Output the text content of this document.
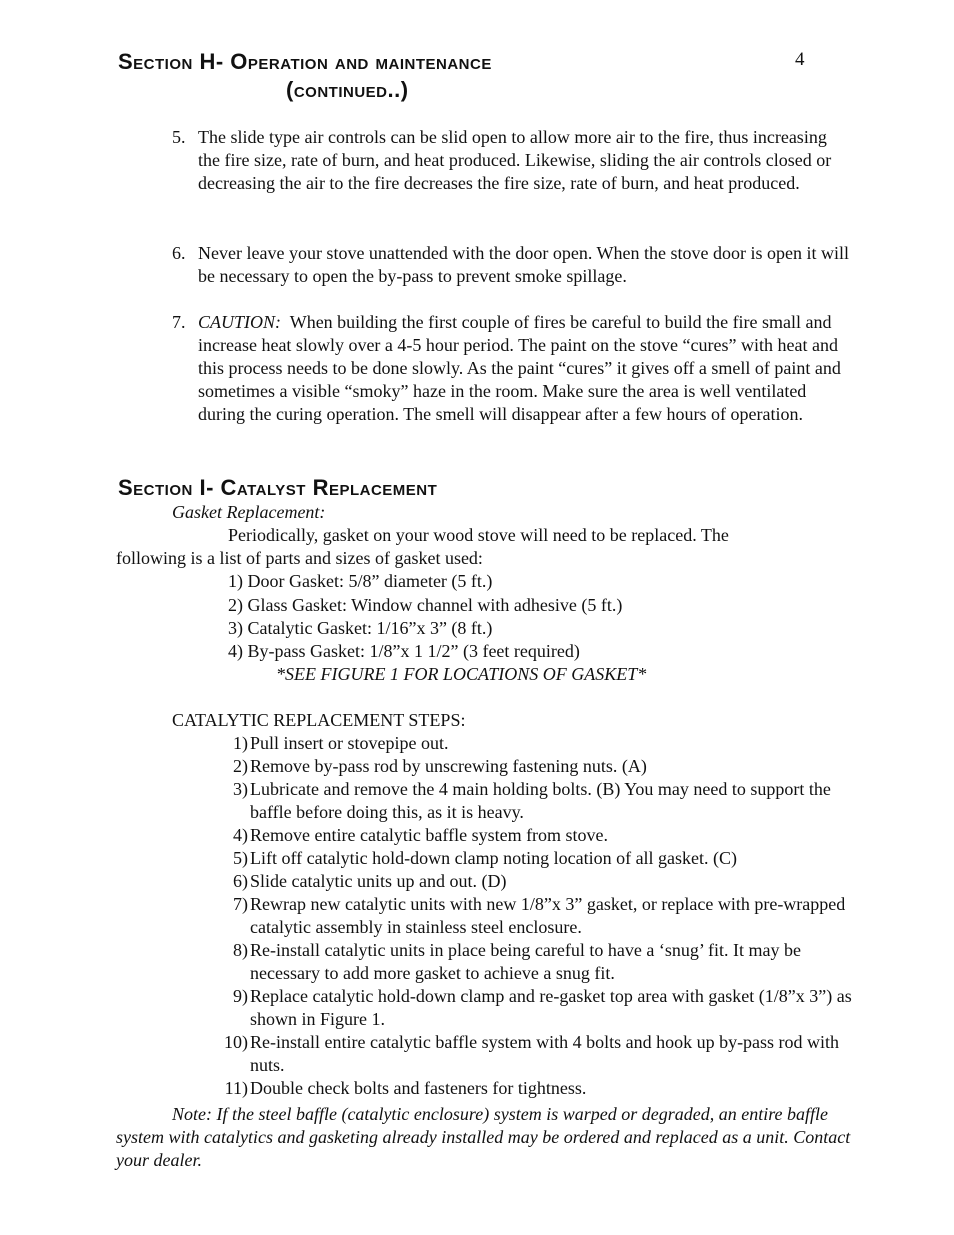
Section H- Operation and maintenance
(continued..)
4
5. The slide type air controls can be slid open to allow more air to the fire, thus increasing the fire size, rate of burn, and heat produced. Likewise, sliding the air controls closed or decreasing the air to the fire decreases the fire size, rate of burn, and heat produced.
6. Never leave your stove unattended with the door open. When the stove door is open it will be necessary to open the by-pass to prevent smoke spillage.
7. CAUTION: When building the first couple of fires be careful to build the fire small and increase heat slowly over a 4-5 hour period. The paint on the stove “cures” with heat and this process needs to be done slowly. As the paint “cures” it gives off a smell of paint and sometimes a visible “smoky” haze in the room. Make sure the area is well ventilated during the curing operation. The smell will disappear after a few hours of operation.
Section I- Catalyst Replacement
Gasket Replacement:
Periodically, gasket on your wood stove will need to be replaced. The
following is a list of parts and sizes of gasket used:
1) Door Gasket: 5/8” diameter (5 ft.)
2) Glass Gasket: Window channel with adhesive (5 ft.)
3) Catalytic Gasket: 1/16”x 3” (8 ft.)
4) By-pass Gasket: 1/8”x 1 1/2” (3 feet required)
*SEE FIGURE 1 FOR LOCATIONS OF GASKET*
CATALYTIC REPLACEMENT STEPS:
1) Pull insert or stovepipe out.
2) Remove by-pass rod by unscrewing fastening nuts. (A)
3) Lubricate and remove the 4 main holding bolts. (B) You may need to support the baffle before doing this, as it is heavy.
4) Remove entire catalytic baffle system from stove.
5) Lift off catalytic hold-down clamp noting location of all gasket. (C)
6) Slide catalytic units up and out. (D)
7) Rewrap new catalytic units with new 1/8”x 3” gasket, or replace with pre-wrapped catalytic assembly in stainless steel enclosure.
8) Re-install catalytic units in place being careful to have a ‘snug’ fit. It may be necessary to add more gasket to achieve a snug fit.
9) Replace catalytic hold-down clamp and re-gasket top area with gasket (1/8”x 3”) as shown in Figure 1.
10) Re-install entire catalytic baffle system with 4 bolts and hook up by-pass rod with nuts.
11) Double check bolts and fasteners for tightness.
Note: If the steel baffle (catalytic enclosure) system is warped or degraded, an entire baffle system with catalytics and gasketing already installed may be ordered and replaced as a unit. Contact your dealer.
